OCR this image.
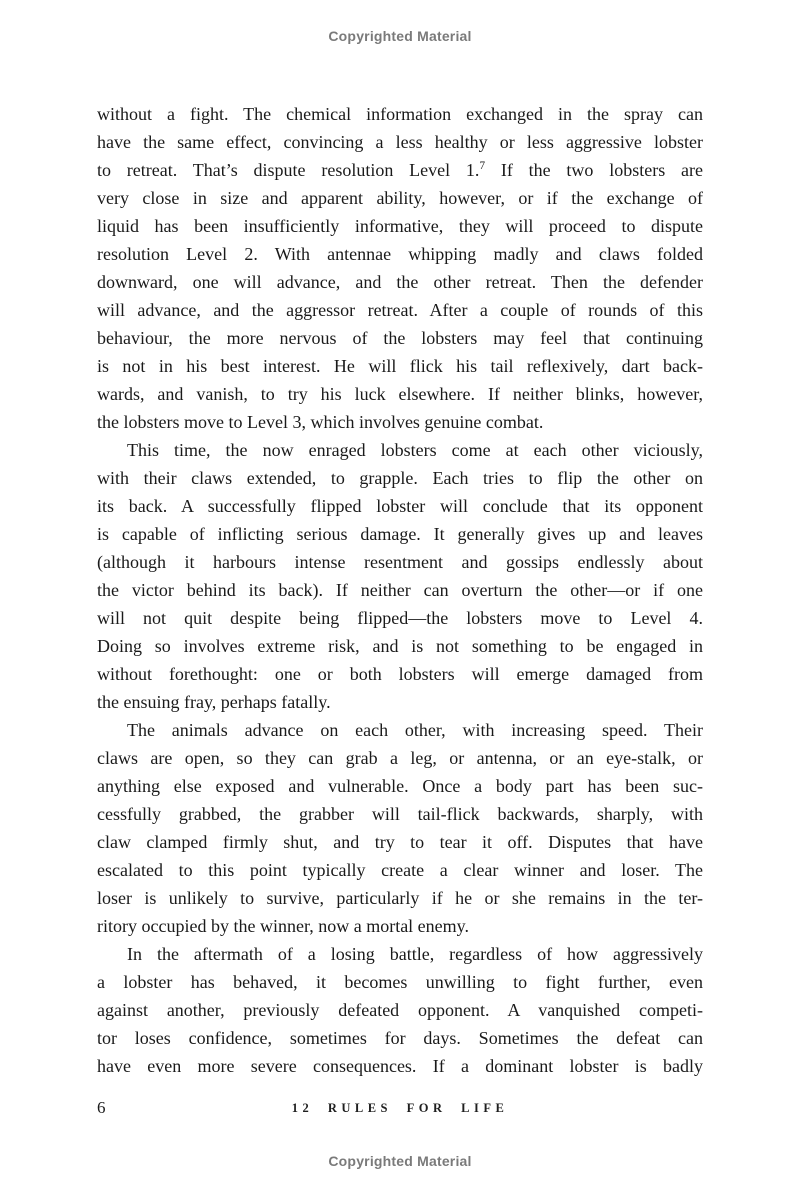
Copyrighted Material
without a fight. The chemical information exchanged in the spray can
have the same effect, convincing a less healthy or less aggressive lobster
to retreat. That’s dispute resolution Level 1.$^7$ If the two lobsters are
very close in size and apparent ability, however, or if the exchange of
liquid has been insufficiently informative, they will proceed to dispute
resolution Level 2. With antennae whipping madly and claws folded
downward, one will advance, and the other retreat. Then the defender
will advance, and the aggressor retreat. After a couple of rounds of this
behaviour, the more nervous of the lobsters may feel that continuing
is not in his best interest. He will flick his tail reflexively, dart back-
wards, and vanish, to try his luck elsewhere. If neither blinks, however,
the lobsters move to Level 3, which involves genuine combat.
This time, the now enraged lobsters come at each other viciously,
with their claws extended, to grapple. Each tries to flip the other on
its back. A successfully flipped lobster will conclude that its opponent
is capable of inflicting serious damage. It generally gives up and leaves
(although it harbours intense resentment and gossips endlessly about
the victor behind its back). If neither can overturn the other—or if one
will not quit despite being flipped—the lobsters move to Level 4.
Doing so involves extreme risk, and is not something to be engaged in
without forethought: one or both lobsters will emerge damaged from
the ensuing fray, perhaps fatally.
The animals advance on each other, with increasing speed. Their
claws are open, so they can grab a leg, or antenna, or an eye-stalk, or
anything else exposed and vulnerable. Once a body part has been suc-
cessfully grabbed, the grabber will tail-flick backwards, sharply, with
claw clamped firmly shut, and try to tear it off. Disputes that have
escalated to this point typically create a clear winner and loser. The
loser is unlikely to survive, particularly if he or she remains in the ter-
ritory occupied by the winner, now a mortal enemy.
In the aftermath of a losing battle, regardless of how aggressively
a lobster has behaved, it becomes unwilling to fight further, even
against another, previously defeated opponent. A vanquished competi-
tor loses confidence, sometimes for days. Sometimes the defeat can
have even more severe consequences. If a dominant lobster is badly
6	12 RULES FOR LIFE
Copyrighted Material
